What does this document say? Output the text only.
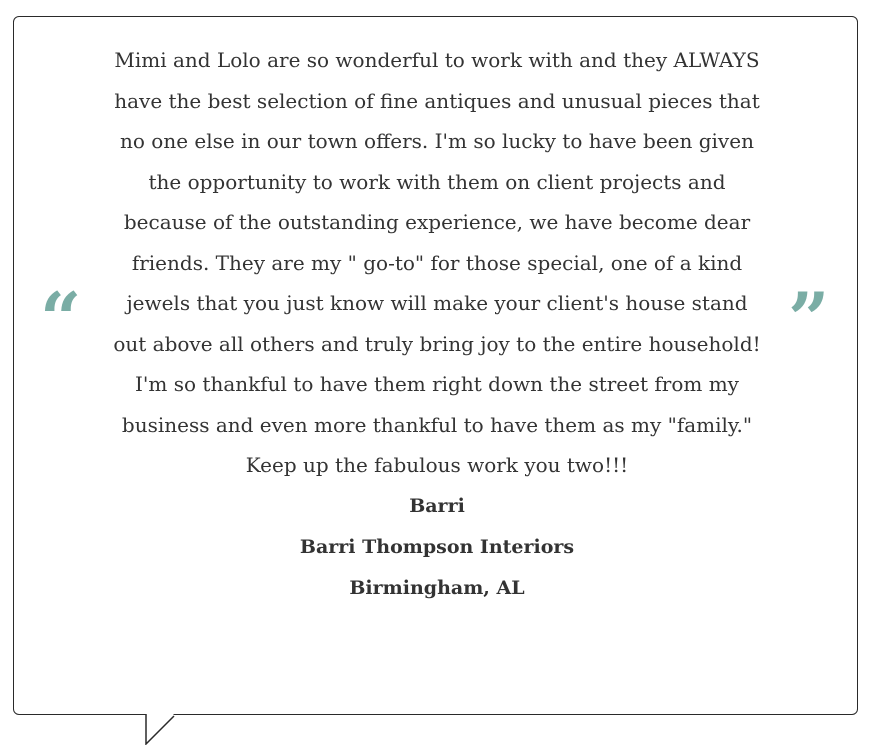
“	”

Mimi and Lolo are so wonderful to work with and they ALWAYS have the best selection of fine antiques and unusual pieces that no one else in our town offers. I'm so lucky to have been given the opportunity to work with them on client projects and because of the outstanding experience, we have become dear friends. They are my " go-to" for those special, one of a kind jewels that you just know will make your client's house stand out above all others and truly bring joy to the entire household! I'm so thankful to have them right down the street from my business and even more thankful to have them as my "family." Keep up the fabulous work you two!!!

Barri

Barri Thompson Interiors

Birmingham, AL
